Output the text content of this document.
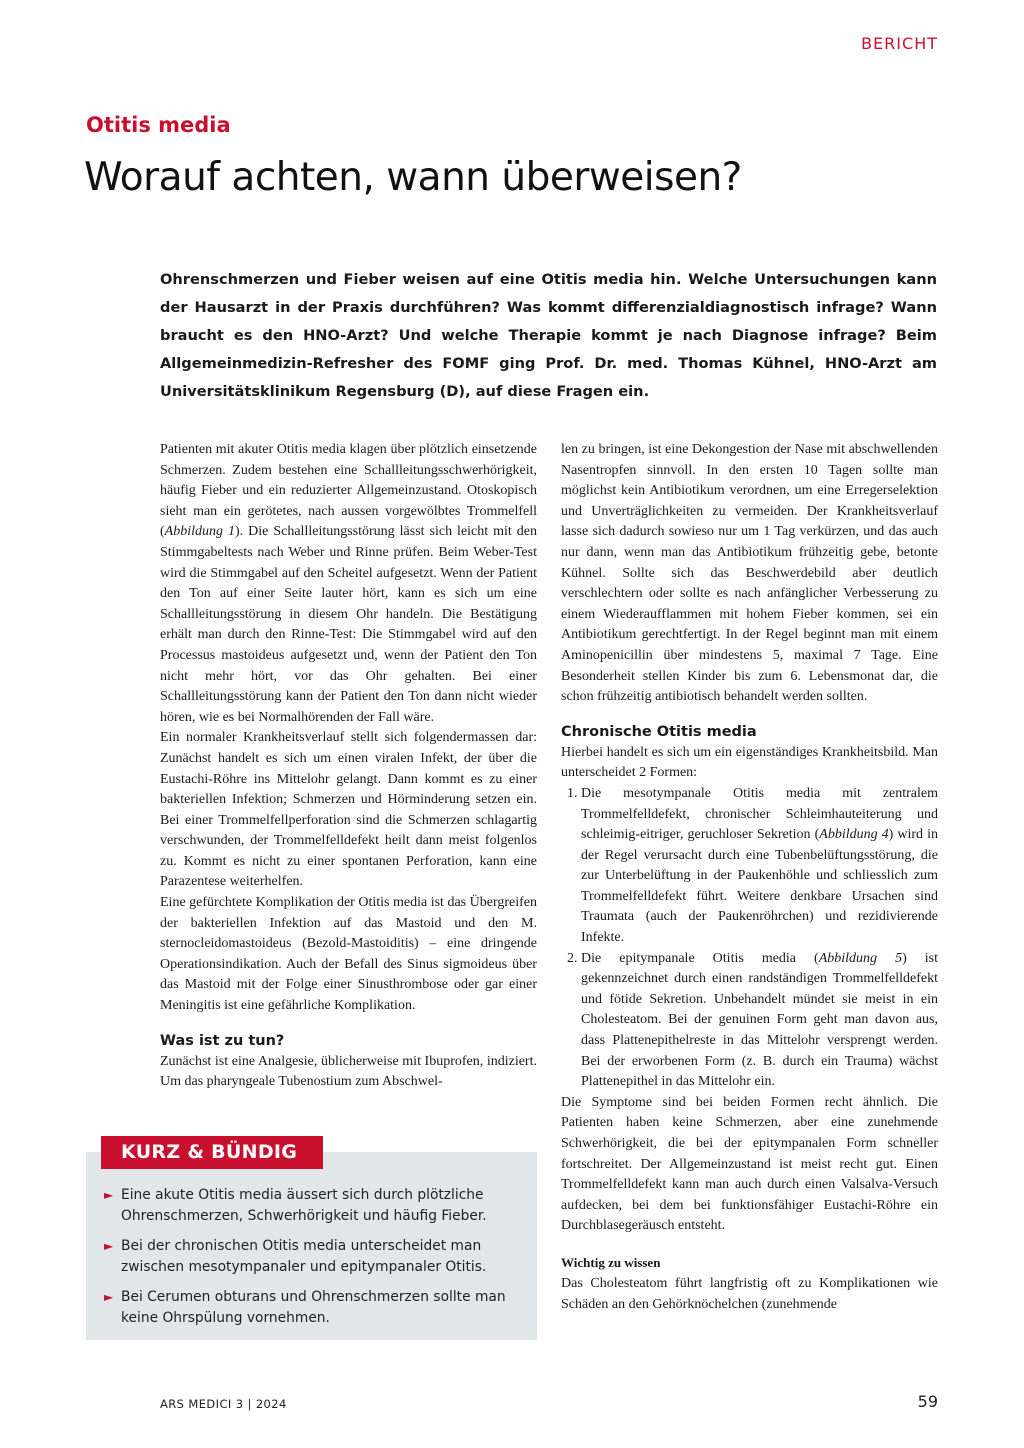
BERICHT
Otitis media
Worauf achten, wann überweisen?

Ohrenschmerzen und Fieber weisen auf eine Otitis media hin. Welche Untersuchungen kann der Hausarzt in der Praxis durchführen? Was kommt differenzialdiagnostisch infrage? Wann braucht es den HNO-Arzt? Und welche Therapie kommt je nach Diagnose infrage? Beim Allgemeinmedizin-Refresher des FOMF ging Prof. Dr. med. Thomas Kühnel, HNO-Arzt am Universitätsklinikum Regensburg (D), auf diese Fragen ein.

Patienten mit akuter Otitis media klagen über plötzlich einsetzende Schmerzen. Zudem bestehen eine Schallleitungsschwerhörigkeit, häufig Fieber und ein reduzierter Allgemeinzustand. Otoskopisch sieht man ein gerötetes, nach aussen vorgewölbtes Trommelfell (Abbildung 1). Die Schallleitungsstörung lässt sich leicht mit den Stimmgabeltests nach Weber und Rinne prüfen. Beim Weber-Test wird die Stimmgabel auf den Scheitel aufgesetzt. Wenn der Patient den Ton auf einer Seite lauter hört, kann es sich um eine Schallleitungsstörung in diesem Ohr handeln. Die Bestätigung erhält man durch den Rinne-Test: Die Stimmgabel wird auf den Processus mastoideus aufgesetzt und, wenn der Patient den Ton nicht mehr hört, vor das Ohr gehalten. Bei einer Schallleitungsstörung kann der Patient den Ton dann nicht wieder hören, wie es bei Normalhörenden der Fall wäre.

Ein normaler Krankheitsverlauf stellt sich folgendermassen dar: Zunächst handelt es sich um einen viralen Infekt, der über die Eustachi-Röhre ins Mittelohr gelangt. Dann kommt es zu einer bakteriellen Infektion; Schmerzen und Hörminderung setzen ein. Bei einer Trommelfellperforation sind die Schmerzen schlagartig verschwunden, der Trommelfelldefekt heilt dann meist folgenlos zu. Kommt es nicht zu einer spontanen Perforation, kann eine Parazentese weiterhelfen.

Eine gefürchtete Komplikation der Otitis media ist das Übergreifen der bakteriellen Infektion auf das Mastoid und den M. sternocleidomastoideus (Bezold-Mastoiditis) – eine dringende Operationsindikation. Auch der Befall des Sinus sigmoideus über das Mastoid mit der Folge einer Sinusthrombose oder gar einer Meningitis ist eine gefährliche Komplikation.

Was ist zu tun?

Zunächst ist eine Analgesie, üblicherweise mit Ibuprofen, indiziert. Um das pharyngeale Tubenostium zum Abschwel-

len zu bringen, ist eine Dekongestion der Nase mit abschwellenden Nasentropfen sinnvoll. In den ersten 10 Tagen sollte man möglichst kein Antibiotikum verordnen, um eine Erregerselektion und Unverträglichkeiten zu vermeiden. Der Krankheitsverlauf lasse sich dadurch sowieso nur um 1 Tag verkürzen, und das auch nur dann, wenn man das Antibiotikum frühzeitig gebe, betonte Kühnel. Sollte sich das Beschwerdebild aber deutlich verschlechtern oder sollte es nach anfänglicher Verbesserung zu einem Wiederaufflammen mit hohem Fieber kommen, sei ein Antibiotikum gerechtfertigt. In der Regel beginnt man mit einem Aminopenicillin über mindestens 5, maximal 7 Tage. Eine Besonderheit stellen Kinder bis zum 6. Lebensmonat dar, die schon frühzeitig antibiotisch behandelt werden sollten.

Chronische Otitis media

Hierbei handelt es sich um ein eigenständiges Krankheitsbild. Man unterscheidet 2 Formen:

1. Die mesotympanale Otitis media mit zentralem Trommelfelldefekt, chronischer Schleimhauteiterung und schleimig-eitriger, geruchloser Sekretion (Abbildung 4) wird in der Regel verursacht durch eine Tubenbelüftungsstörung, die zur Unterbelüftung in der Paukenhöhle und schliesslich zum Trommelfelldefekt führt. Weitere denkbare Ursachen sind Traumata (auch der Paukenröhrchen) und rezidivierende Infekte.
2. Die epitympanale Otitis media (Abbildung 5) ist gekennzeichnet durch einen randständigen Trommelfelldefekt und fötide Sekretion. Unbehandelt mündet sie meist in ein Cholesteatom. Bei der genuinen Form geht man davon aus, dass Plattenepithelreste in das Mittelohr versprengt werden. Bei der erworbenen Form (z. B. durch ein Trauma) wächst Plattenepithel in das Mittelohr ein.

Die Symptome sind bei beiden Formen recht ähnlich. Die Patienten haben keine Schmerzen, aber eine zunehmende Schwerhörigkeit, die bei der epitympanalen Form schneller fortschreitet. Der Allgemeinzustand ist meist recht gut. Einen Trommelfelldefekt kann man auch durch einen Valsalva-Versuch aufdecken, bei dem bei funktionsfähiger Eustachi-Röhre ein Durchblasegeräusch entsteht.

Wichtig zu wissen

Das Cholesteatom führt langfristig oft zu Komplikationen wie Schäden an den Gehörknöchelchen (zunehmende

KURZ & BÜNDIG
► Eine akute Otitis media äussert sich durch plötzliche Ohrenschmerzen, Schwerhörigkeit und häufig Fieber.
► Bei der chronischen Otitis media unterscheidet man zwischen mesotympanaler und epitympanaler Otitis.
► Bei Cerumen obturans und Ohrenschmerzen sollte man keine Ohrspülung vornehmen.
ARS MEDICI 3 | 2024	59
